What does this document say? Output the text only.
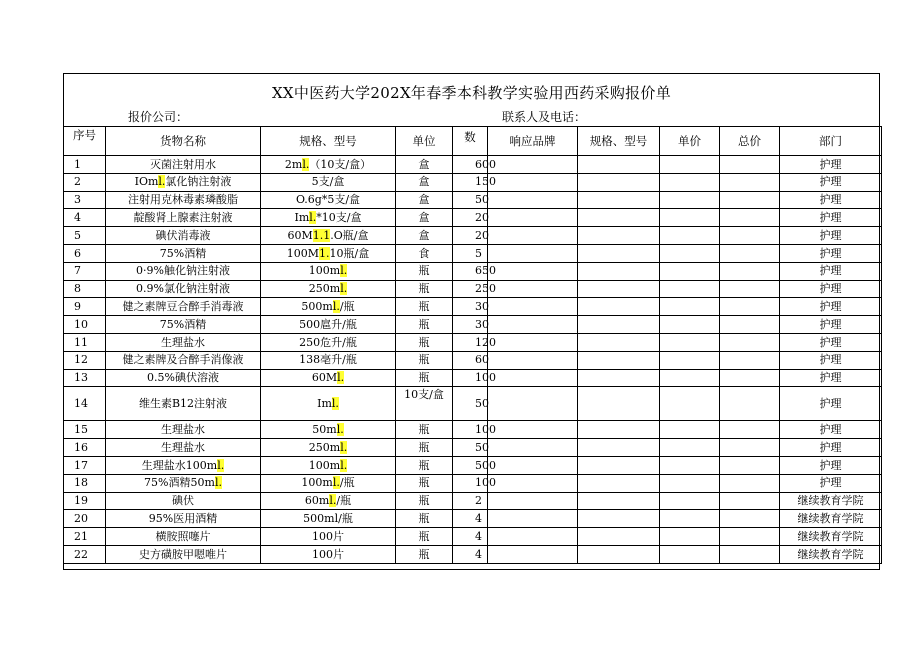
XX中医药大学202X年春季本科教学实验用西药采购报价单
报价公司：	联系人及电话：
序号	货物名称	规格、型号	单位	数	响应品牌	规格、型号	单价	总价	部门
1	灭菌注射用水	2ml.（10支/盒）	盒	600					护理
2	IOml.氯化钠注射液	5支/盒	盒	150					护理
3	注射用克林毒素璘酸脂	O.6g*5支/盒	盒	50					护理
4	靛酸肾上腺素注射液	Iml.*10支/盒	盒	20					护理
5	碘伏消毒液	60M1.1.O瓶/盒	盒	20					护理
6	75%酒精	100M1.10瓶/盒	食	5					护理
7	0·9%触化钠注射液	100ml.	瓶	650					护理
8	0.9%氯化钠注射液	250ml.	瓶	250					护理
9	健之素牌豆合醉手消毒液	500ml./瓶	瓶	30					护理
10	75%酒精	500扈升/瓶	瓶	30					护理
11	生理盐水	250危升/瓶	瓶	120					护理
12	健之素牌及合醉手消像液	138亳升/瓶	瓶	60					护理
13	0.5%碘伏溶液	60Ml.	瓶	100					护理
14	维生素B12注射液	Iml.	10支/盒	50					护理
15	生理盐水	50ml.	瓶	100					护理
16	生理盐水	250ml.	瓶	50					护理
17	生理盐水100ml.	100ml.	瓶	500					护理
18	75%酒精50ml.	100ml./瓶	瓶	100					护理
19	碘伏	60ml./瓶	瓶	2					继续教育学院
20	95%医用酒精	500ml/瓶	瓶	4					继续教育学院
21	横胺照噻片	100片	瓶	4					继续教育学院
22	史方磺胺甲嗯唯片	100片	瓶	4					继续教育学院
